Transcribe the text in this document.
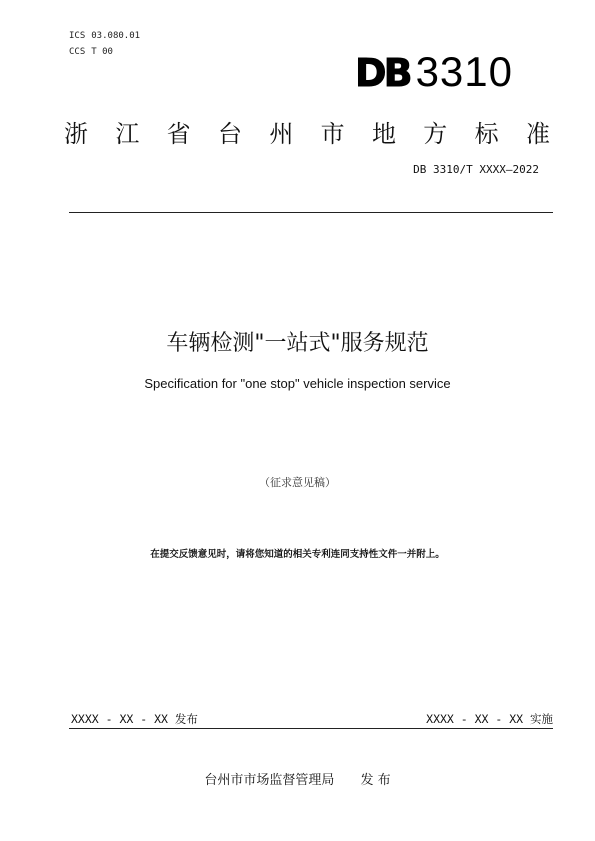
ICS 03.080.01
CCS T 00	DB 3310
浙 江 省 台 州 市 地 方 标 准
DB 3310/T XXXX—2022
车辆检测"一站式"服务规范
Specification for "one stop" vehicle inspection service
（征求意见稿）
在提交反馈意见时，请将您知道的相关专利连同支持性文件一并附上。
XXXX - XX - XX 发布	XXXX - XX - XX 实施
台州市市场监督管理局 发 布
